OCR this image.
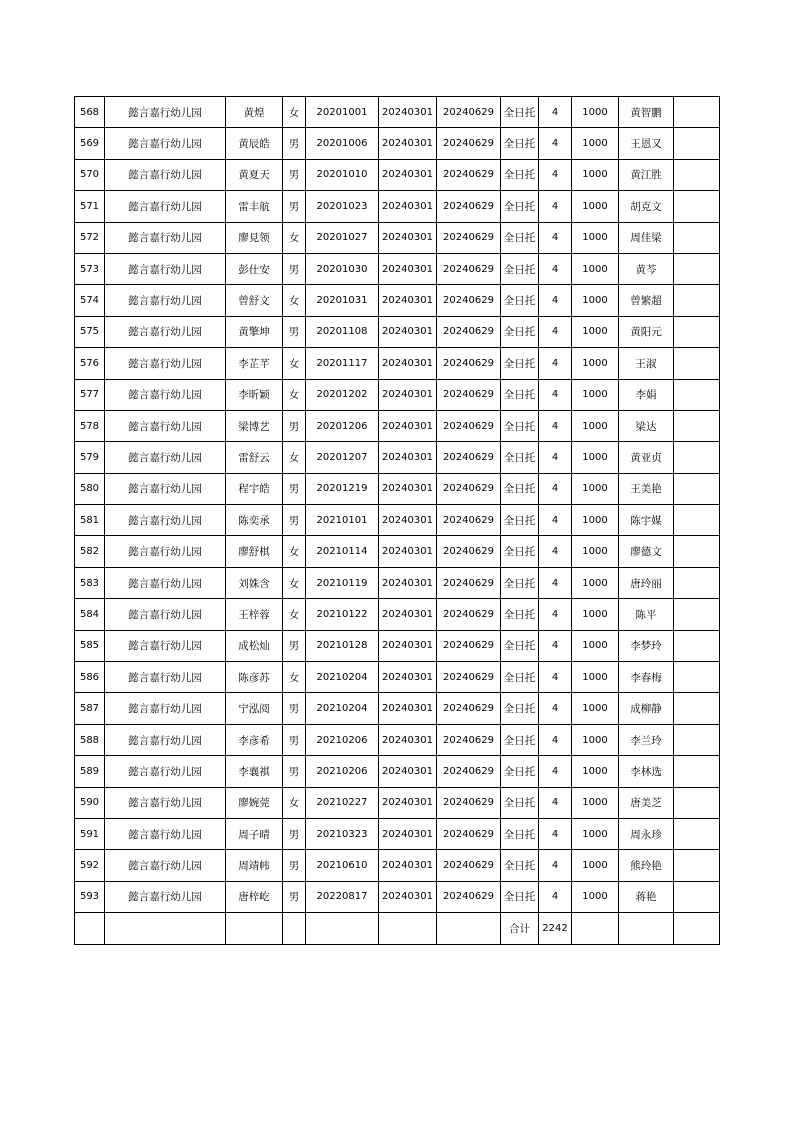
568	懿言嘉行幼儿园	黄煌	女	20201001	20240301	20240629	全日托	4	1000	黄智鹏	
569	懿言嘉行幼儿园	黄辰皓	男	20201006	20240301	20240629	全日托	4	1000	王恩又	
570	懿言嘉行幼儿园	黄夏天	男	20201010	20240301	20240629	全日托	4	1000	黄江胜	
571	懿言嘉行幼儿园	雷丰航	男	20201023	20240301	20240629	全日托	4	1000	胡克文	
572	懿言嘉行幼儿园	廖見领	女	20201027	20240301	20240629	全日托	4	1000	周佳梁	
573	懿言嘉行幼儿园	彭仕安	男	20201030	20240301	20240629	全日托	4	1000	黄芩	
574	懿言嘉行幼儿园	曾舒文	女	20201031	20240301	20240629	全日托	4	1000	曾繁超	
575	懿言嘉行幼儿园	黄擎坤	男	20201108	20240301	20240629	全日托	4	1000	黄阳元	
576	懿言嘉行幼儿园	李芷芊	女	20201117	20240301	20240629	全日托	4	1000	王淑	
577	懿言嘉行幼儿园	李昕颖	女	20201202	20240301	20240629	全日托	4	1000	李娟	
578	懿言嘉行幼儿园	梁博艺	男	20201206	20240301	20240629	全日托	4	1000	梁达	
579	懿言嘉行幼儿园	雷舒云	女	20201207	20240301	20240629	全日托	4	1000	黄亚贞	
580	懿言嘉行幼儿园	程宇皓	男	20201219	20240301	20240629	全日托	4	1000	王美艳	
581	懿言嘉行幼儿园	陈奕承	男	20210101	20240301	20240629	全日托	4	1000	陈宇媒	
582	懿言嘉行幼儿园	廖舒棋	女	20210114	20240301	20240629	全日托	4	1000	廖德文	
583	懿言嘉行幼儿园	刘姝含	女	20210119	20240301	20240629	全日托	4	1000	唐玲丽	
584	懿言嘉行幼儿园	王梓蓉	女	20210122	20240301	20240629	全日托	4	1000	陈平	
585	懿言嘉行幼儿园	成松灿	男	20210128	20240301	20240629	全日托	4	1000	李梦玲	
586	懿言嘉行幼儿园	陈彦苏	女	20210204	20240301	20240629	全日托	4	1000	李春梅	
587	懿言嘉行幼儿园	宁泓阅	男	20210204	20240301	20240629	全日托	4	1000	成柳静	
588	懿言嘉行幼儿园	李彦希	男	20210206	20240301	20240629	全日托	4	1000	李兰玲	
589	懿言嘉行幼儿园	李襄祺	男	20210206	20240301	20240629	全日托	4	1000	李林选	
590	懿言嘉行幼儿园	廖婉莞	女	20210227	20240301	20240629	全日托	4	1000	唐美芝	
591	懿言嘉行幼儿园	周子晴	男	20210323	20240301	20240629	全日托	4	1000	周永珍	
592	懿言嘉行幼儿园	周靖帏	男	20210610	20240301	20240629	全日托	4	1000	熊玲艳	
593	懿言嘉行幼儿园	唐梓屹	男	20220817	20240301	20240629	全日托	4	1000	蒋艳	
							合计	2242			
